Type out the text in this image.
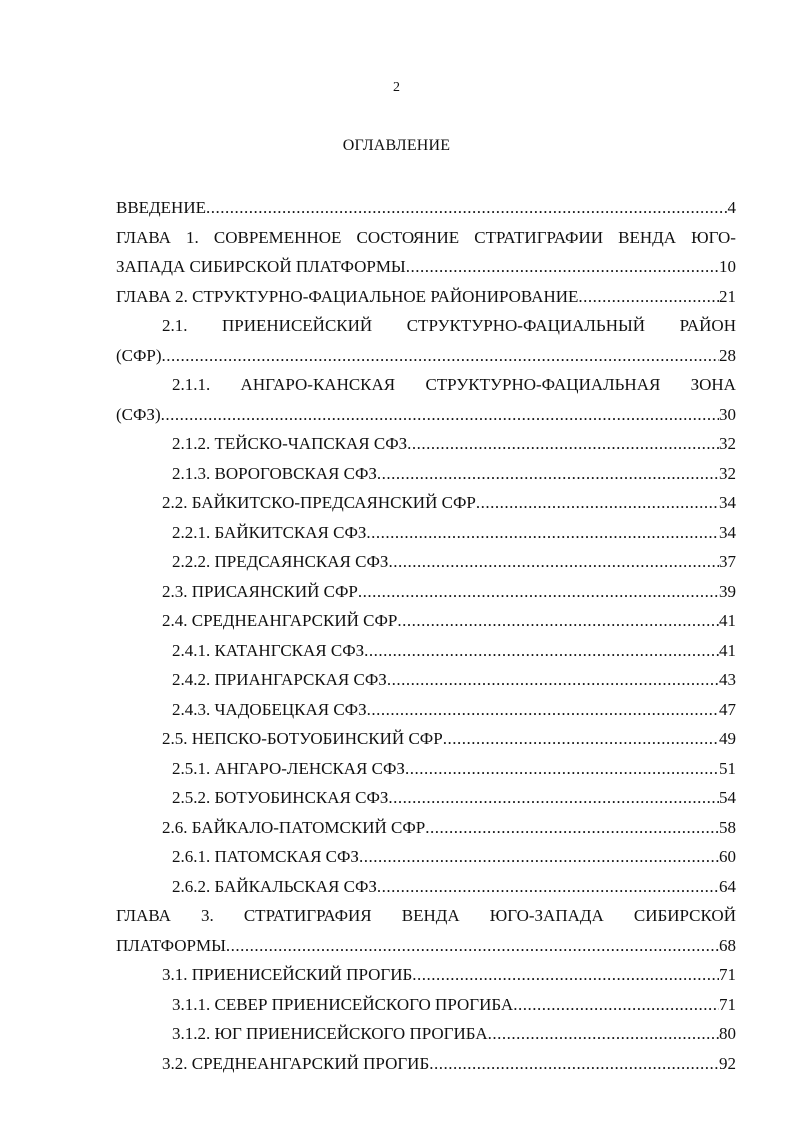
2
ОГЛАВЛЕНИЕ
ВВЕДЕНИЕ .....	4
ГЛАВА 1. СОВРЕМЕННОЕ СОСТОЯНИЕ СТРАТИГРАФИИ ВЕНДА ЮГО-
ЗАПАДА СИБИРСКОЙ ПЛАТФОРМЫ .....	10
ГЛАВА 2. СТРУКТУРНО-ФАЦИАЛЬНОЕ РАЙОНИРОВАНИЕ .....	21
2.1. ПРИЕНИСЕЙСКИЙ СТРУКТУРНО-ФАЦИАЛЬНЫЙ РАЙОН
(СФР) .....	28
2.1.1. АНГАРО-КАНСКАЯ СТРУКТУРНО-ФАЦИАЛЬНАЯ ЗОНА
(СФЗ) .....	30
2.1.2. ТЕЙСКО-ЧАПСКАЯ СФЗ .....	32
2.1.3. ВОРОГОВСКАЯ СФЗ .....	32
2.2. БАЙКИТСКО-ПРЕДСАЯНСКИЙ СФР .....	34
2.2.1. БАЙКИТСКАЯ СФЗ .....	34
2.2.2. ПРЕДСАЯНСКАЯ СФЗ .....	37
2.3. ПРИСАЯНСКИЙ СФР .....	39
2.4. СРЕДНЕАНГАРСКИЙ СФР .....	41
2.4.1. КАТАНГСКАЯ СФЗ .....	41
2.4.2. ПРИАНГАРСКАЯ СФЗ .....	43
2.4.3. ЧАДОБЕЦКАЯ СФЗ .....	47
2.5. НЕПСКО-БОТУОБИНСКИЙ СФР .....	49
2.5.1. АНГАРО-ЛЕНСКАЯ СФЗ .....	51
2.5.2. БОТУОБИНСКАЯ СФЗ .....	54
2.6. БАЙКАЛО-ПАТОМСКИЙ СФР .....	58
2.6.1. ПАТОМСКАЯ СФЗ .....	60
2.6.2. БАЙКАЛЬСКАЯ СФЗ .....	64
ГЛАВА 3. СТРАТИГРАФИЯ ВЕНДА ЮГО-ЗАПАДА СИБИРСКОЙ
ПЛАТФОРМЫ .....	68
3.1. ПРИЕНИСЕЙСКИЙ ПРОГИБ .....	71
3.1.1. СЕВЕР ПРИЕНИСЕЙСКОГО ПРОГИБА .....	71
3.1.2. ЮГ ПРИЕНИСЕЙСКОГО ПРОГИБА .....	80
3.2. СРЕДНЕАНГАРСКИЙ ПРОГИБ .....	92
